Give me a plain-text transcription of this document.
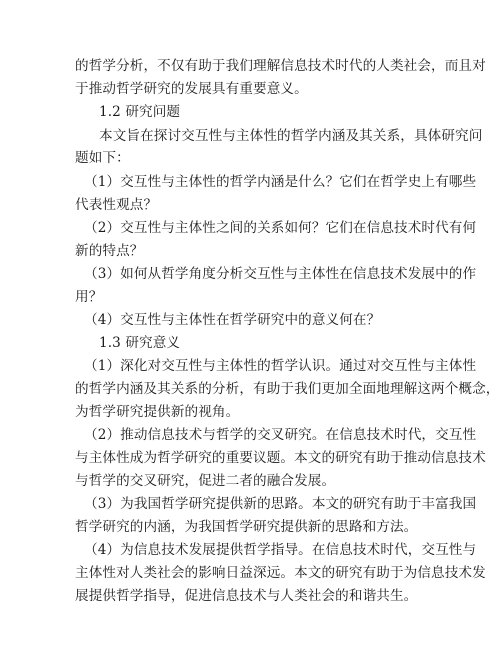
的哲学分析，不仅有助于我们理解信息技术时代的人类社会，而且对
于推动哲学研究的发展具有重要意义。
1.2 研究问题
本文旨在探讨交互性与主体性的哲学内涵及其关系，具体研究问
题如下：
（1）交互性与主体性的哲学内涵是什么？它们在哲学史上有哪些
代表性观点？
（2）交互性与主体性之间的关系如何？它们在信息技术时代有何
新的特点？
（3）如何从哲学角度分析交互性与主体性在信息技术发展中的作
用？
（4）交互性与主体性在哲学研究中的意义何在？
1.3 研究意义
（1）深化对交互性与主体性的哲学认识。通过对交互性与主体性
的哲学内涵及其关系的分析，有助于我们更加全面地理解这两个概念，
为哲学研究提供新的视角。
（2）推动信息技术与哲学的交叉研究。在信息技术时代，交互性
与主体性成为哲学研究的重要议题。本文的研究有助于推动信息技术
与哲学的交叉研究，促进二者的融合发展。
（3）为我国哲学研究提供新的思路。本文的研究有助于丰富我国
哲学研究的内涵，为我国哲学研究提供新的思路和方法。
（4）为信息技术发展提供哲学指导。在信息技术时代，交互性与
主体性对人类社会的影响日益深远。本文的研究有助于为信息技术发
展提供哲学指导，促进信息技术与人类社会的和谐共生。
